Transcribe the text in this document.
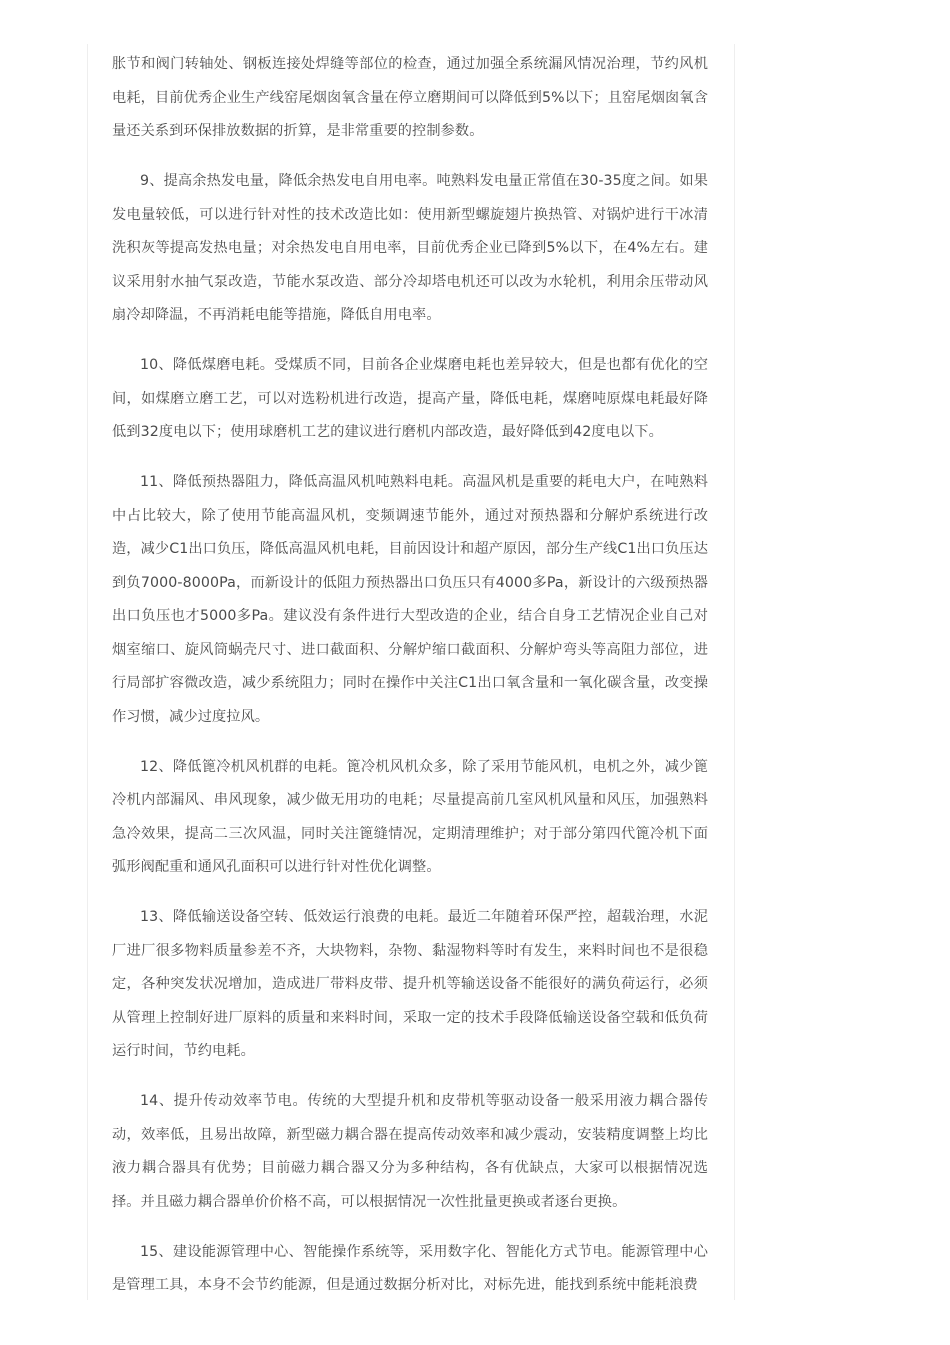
胀节和阀门转轴处、钢板连接处焊缝等部位的检查，通过加强全系统漏风情况治理，节约风机电耗，目前优秀企业生产线窑尾烟囱氧含量在停立磨期间可以降低到5%以下；且窑尾烟囱氧含量还关系到环保排放数据的折算，是非常重要的控制参数。

9、提高余热发电量，降低余热发电自用电率。吨熟料发电量正常值在30-35度之间。如果发电量较低，可以进行针对性的技术改造比如：使用新型螺旋翅片换热管、对锅炉进行干冰清洗积灰等提高发热电量；对余热发电自用电率，目前优秀企业已降到5%以下，在4%左右。建议采用射水抽气泵改造，节能水泵改造、部分冷却塔电机还可以改为水轮机，利用余压带动风扇冷却降温，不再消耗电能等措施，降低自用电率。

10、降低煤磨电耗。受煤质不同，目前各企业煤磨电耗也差异较大，但是也都有优化的空间，如煤磨立磨工艺，可以对选粉机进行改造，提高产量，降低电耗，煤磨吨原煤电耗最好降低到32度电以下；使用球磨机工艺的建议进行磨机内部改造，最好降低到42度电以下。

11、降低预热器阻力，降低高温风机吨熟料电耗。高温风机是重要的耗电大户，在吨熟料中占比较大，除了使用节能高温风机，变频调速节能外，通过对预热器和分解炉系统进行改造，减少C1出口负压，降低高温风机电耗，目前因设计和超产原因，部分生产线C1出口负压达到负7000-8000Pa，而新设计的低阻力预热器出口负压只有4000多Pa，新设计的六级预热器出口负压也才5000多Pa。建议没有条件进行大型改造的企业，结合自身工艺情况企业自己对烟室缩口、旋风筒蜗壳尺寸、进口截面积、分解炉缩口截面积、分解炉弯头等高阻力部位，进行局部扩容微改造，减少系统阻力；同时在操作中关注C1出口氧含量和一氧化碳含量，改变操作习惯，减少过度拉风。

12、降低篦冷机风机群的电耗。篦冷机风机众多，除了采用节能风机，电机之外，减少篦冷机内部漏风、串风现象，减少做无用功的电耗；尽量提高前几室风机风量和风压，加强熟料急冷效果，提高二三次风温，同时关注篦缝情况，定期清理维护；对于部分第四代篦冷机下面弧形阀配重和通风孔面积可以进行针对性优化调整。

13、降低输送设备空转、低效运行浪费的电耗。最近二年随着环保严控，超载治理，水泥厂进厂很多物料质量参差不齐，大块物料，杂物、黏湿物料等时有发生，来料时间也不是很稳定，各种突发状况增加，造成进厂带料皮带、提升机等输送设备不能很好的满负荷运行，必须从管理上控制好进厂原料的质量和来料时间，采取一定的技术手段降低输送设备空载和低负荷运行时间，节约电耗。

14、提升传动效率节电。传统的大型提升机和皮带机等驱动设备一般采用液力耦合器传动，效率低，且易出故障，新型磁力耦合器在提高传动效率和减少震动，安装精度调整上均比液力耦合器具有优势；目前磁力耦合器又分为多种结构，各有优缺点，大家可以根据情况选择。并且磁力耦合器单价价格不高，可以根据情况一次性批量更换或者逐台更换。

15、建设能源管理中心、智能操作系统等，采用数字化、智能化方式节电。能源管理中心是管理工具，本身不会节约能源，但是通过数据分析对比，对标先进，能找到系统中能耗浪费
